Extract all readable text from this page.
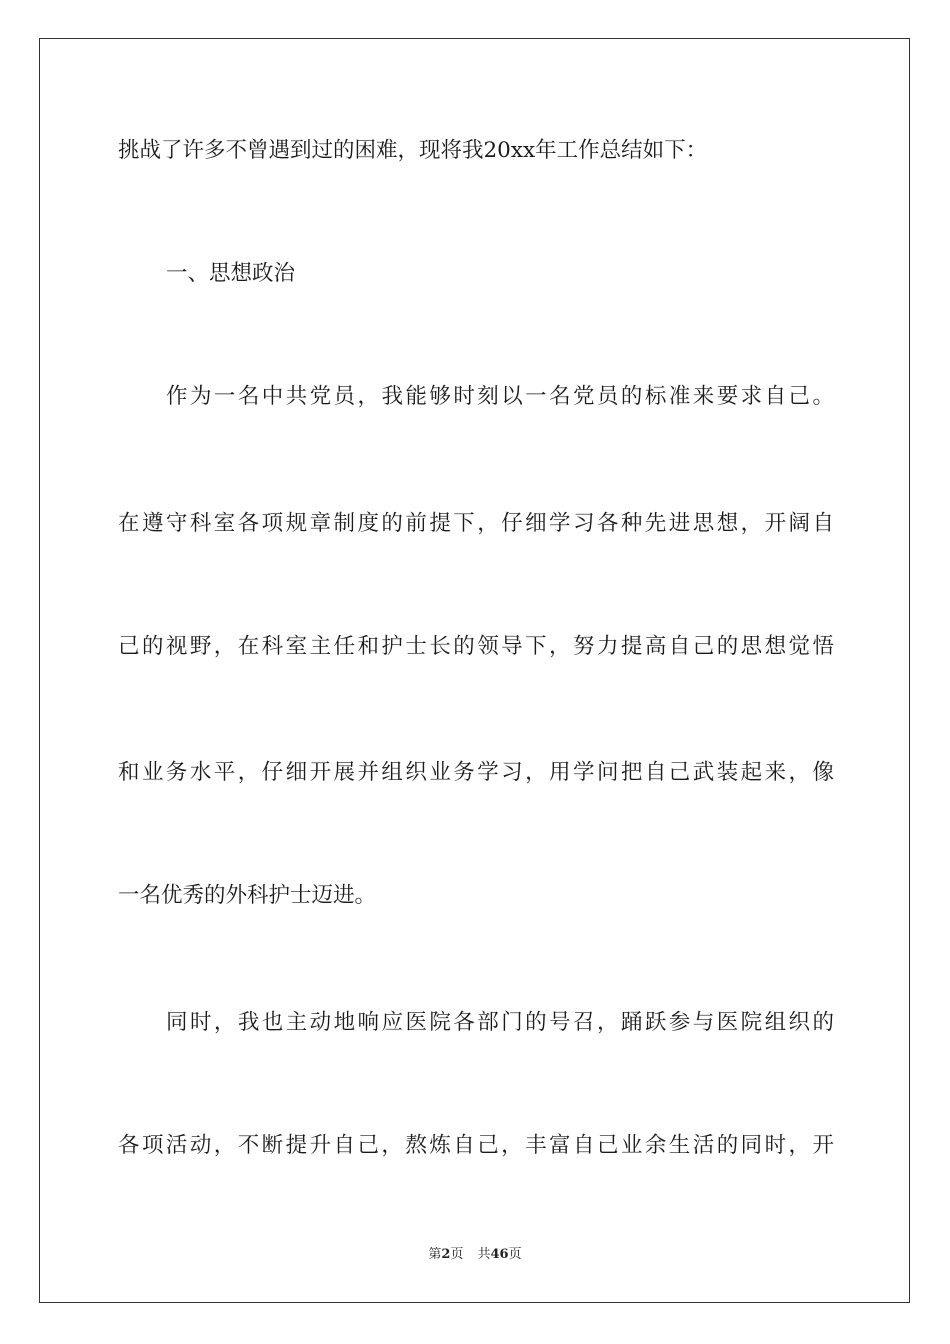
挑战了许多不曾遇到过的困难，现将我20xx年工作总结如下：
一、思想政治
作为一名中共党员，我能够时刻以一名党员的标准来要求自己。
在遵守科室各项规章制度的前提下，仔细学习各种先进思想，开阔自
己的视野，在科室主任和护士长的领导下，努力提高自己的思想觉悟
和业务水平，仔细开展并组织业务学习，用学问把自己武装起来，像
一名优秀的外科护士迈进。
同时，我也主动地响应医院各部门的号召，踊跃参与医院组织的
各项活动，不断提升自己，熬炼自己，丰富自己业余生活的同时，开
第2页 共46页
